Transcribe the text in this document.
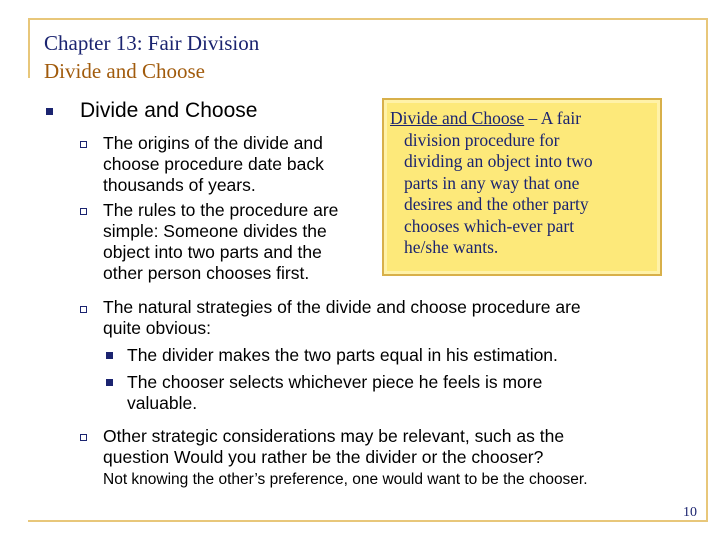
Chapter 13: Fair Division
Divide and Choose
Divide and Choose
The origins of the divide and
choose procedure date back
thousands of years.
The rules to the procedure are
simple: Someone divides the
object into two parts and the
other person chooses first.
Divide and Choose – A fair
division procedure for
dividing an object into two
parts in any way that one
desires and the other party
chooses which-ever part
he/she wants.
The natural strategies of the divide and choose procedure are
quite obvious:
The divider makes the two parts equal in his estimation.
The chooser selects whichever piece he feels is more
valuable.
Other strategic considerations may be relevant, such as the
question Would you rather be the divider or the chooser?
Not knowing the other’s preference, one would want to be the chooser.
10
